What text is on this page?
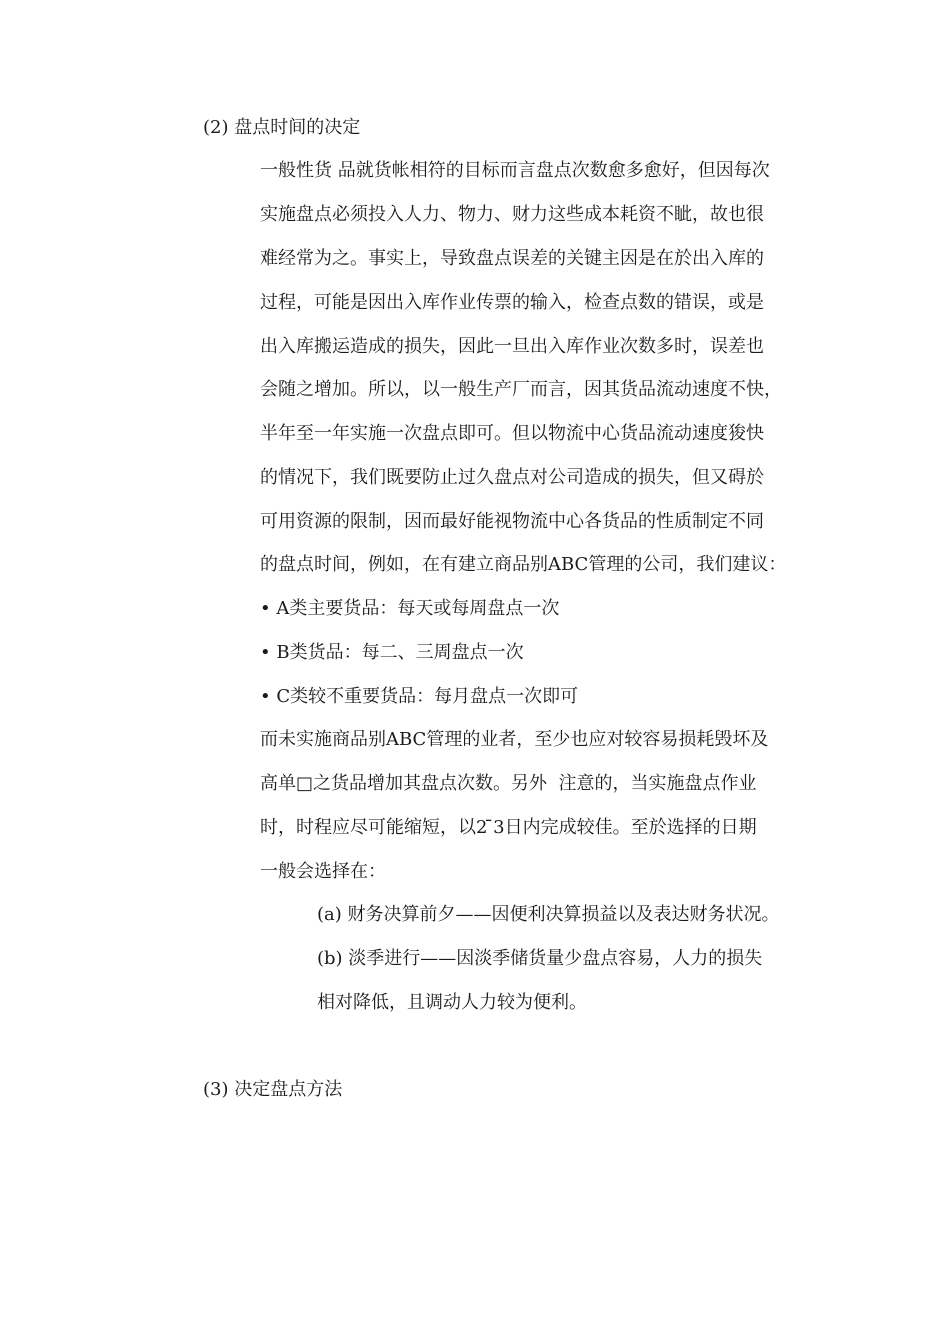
(2) 盘点时间的决定
一般性货 品就货帐相符的目标而言盘点次数愈多愈好，但因每次
实施盘点必须投入人力、物力、财力这些成本耗资不眦，故也很
难经常为之。事实上，导致盘点误差的关键主因是在於出入库的
过程，可能是因出入库作业传票的输入，检查点数的错误，或是
出入库搬运造成的损失，因此一旦出入库作业次数多时，误差也
会随之增加。所以，以一般生产厂而言，因其货品流动速度不快，
半年至一年实施一次盘点即可。但以物流中心货品流动速度狻快
的情况下，我们既要防止过久盘点对公司造成的损失，但又碍於
可用资源的限制，因而最好能视物流中心各货品的性质制定不同
的盘点时间，例如，在有建立商品别ABC管理的公司，我们建议：
• A类主要货品：每天或每周盘点一次
• B类货品：每二、三周盘点一次
• C类较不重要货品：每月盘点一次即可
而未实施商品别ABC管理的业者，至少也应对较容易损耗毁坏及
高单□之货品增加其盘点次数。另外  注意的，当实施盘点作业
时，时程应尽可能缩短，以2 ̄3日内完成较佳。至於选择的日期
一般会选择在：
(a) 财务决算前夕——因便利决算损益以及表达财务状况。
(b) 淡季进行——因淡季储货量少盘点容易，人力的损失
相对降低，且调动人力较为便利。
(3) 决定盘点方法
